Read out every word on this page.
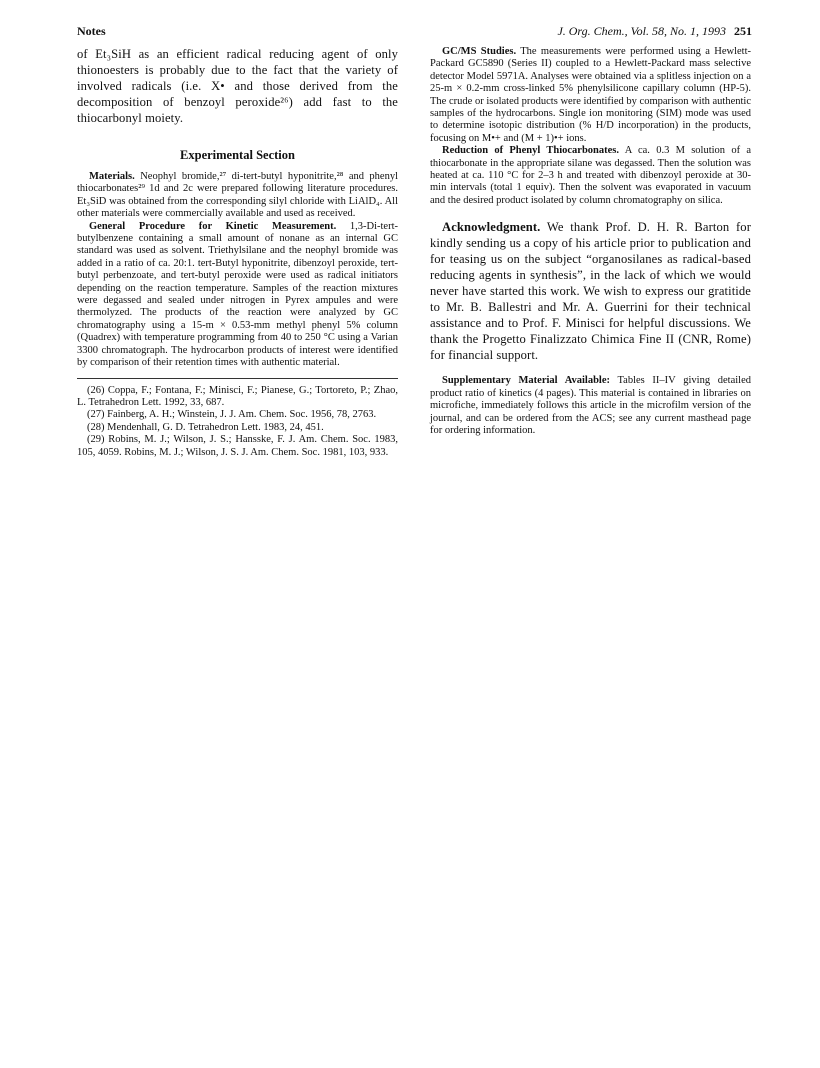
Notes	J. Org. Chem., Vol. 58, No. 1, 1993 251

of Et₃SiH as an efficient radical reducing agent of only thionoesters is probably due to the fact that the variety of involved radicals (i.e. X• and those derived from the decomposition of benzoyl peroxide²⁶) add fast to the thiocarbonyl moiety.

Experimental Section

Materials. Neophyl bromide,²⁷ di-tert-butyl hyponitrite,²⁸ and phenyl thiocarbonates²⁹ 1d and 2c were prepared following literature procedures. Et₃SiD was obtained from the corresponding silyl chloride with LiAlD₄. All other materials were commercially available and used as received.

General Procedure for Kinetic Measurement. 1,3-Di-tert-butylbenzene containing a small amount of nonane as an internal GC standard was used as solvent. Triethylsilane and the neophyl bromide was added in a ratio of ca. 20:1. tert-Butyl hyponitrite, dibenzoyl peroxide, tert-butyl perbenzoate, and tert-butyl peroxide were used as radical initiators depending on the reaction temperature. Samples of the reaction mixtures were degassed and sealed under nitrogen in Pyrex ampules and were thermolyzed. The products of the reaction were analyzed by GC chromatography using a 15-m × 0.53-mm methyl phenyl 5% column (Quadrex) with temperature programming from 40 to 250 °C using a Varian 3300 chromatograph. The hydrocarbon products of interest were identified by comparison of their retention times with authentic material.

(26) Coppa, F.; Fontana, F.; Minisci, F.; Pianese, G.; Tortoreto, P.; Zhao, L. Tetrahedron Lett. 1992, 33, 687.

(27) Fainberg, A. H.; Winstein, J. J. Am. Chem. Soc. 1956, 78, 2763.

(28) Mendenhall, G. D. Tetrahedron Lett. 1983, 24, 451.

(29) Robins, M. J.; Wilson, J. S.; Hansske, F. J. Am. Chem. Soc. 1983, 105, 4059. Robins, M. J.; Wilson, J. S. J. Am. Chem. Soc. 1981, 103, 933.

GC/MS Studies. The measurements were performed using a Hewlett-Packard GC5890 (Series II) coupled to a Hewlett-Packard mass selective detector Model 5971A. Analyses were obtained via a splitless injection on a 25-m × 0.2-mm cross-linked 5% phenylsilicone capillary column (HP-5). The crude or isolated products were identified by comparison with authentic samples of the hydrocarbons. Single ion monitoring (SIM) mode was used to determine isotopic distribution (% H/D incorporation) in the products, focusing on M•+ and (M + 1)•+ ions.

Reduction of Phenyl Thiocarbonates. A ca. 0.3 M solution of a thiocarbonate in the appropriate silane was degassed. Then the solution was heated at ca. 110 °C for 2–3 h and treated with dibenzoyl peroxide at 30-min intervals (total 1 equiv). Then the solvent was evaporated in vacuum and the desired product isolated by column chromatography on silica.

Acknowledgment. We thank Prof. D. H. R. Barton for kindly sending us a copy of his article prior to publication and for teasing us on the subject “organosilanes as radical-based reducing agents in synthesis”, in the lack of which we would never have started this work. We wish to express our gratitide to Mr. B. Ballestri and Mr. A. Guerrini for their technical assistance and to Prof. F. Minisci for helpful discussions. We thank the Progetto Finalizzato Chimica Fine II (CNR, Rome) for financial support.

Supplementary Material Available: Tables II–IV giving detailed product ratio of kinetics (4 pages). This material is contained in libraries on microfiche, immediately follows this article in the microfilm version of the journal, and can be ordered from the ACS; see any current masthead page for ordering information.
